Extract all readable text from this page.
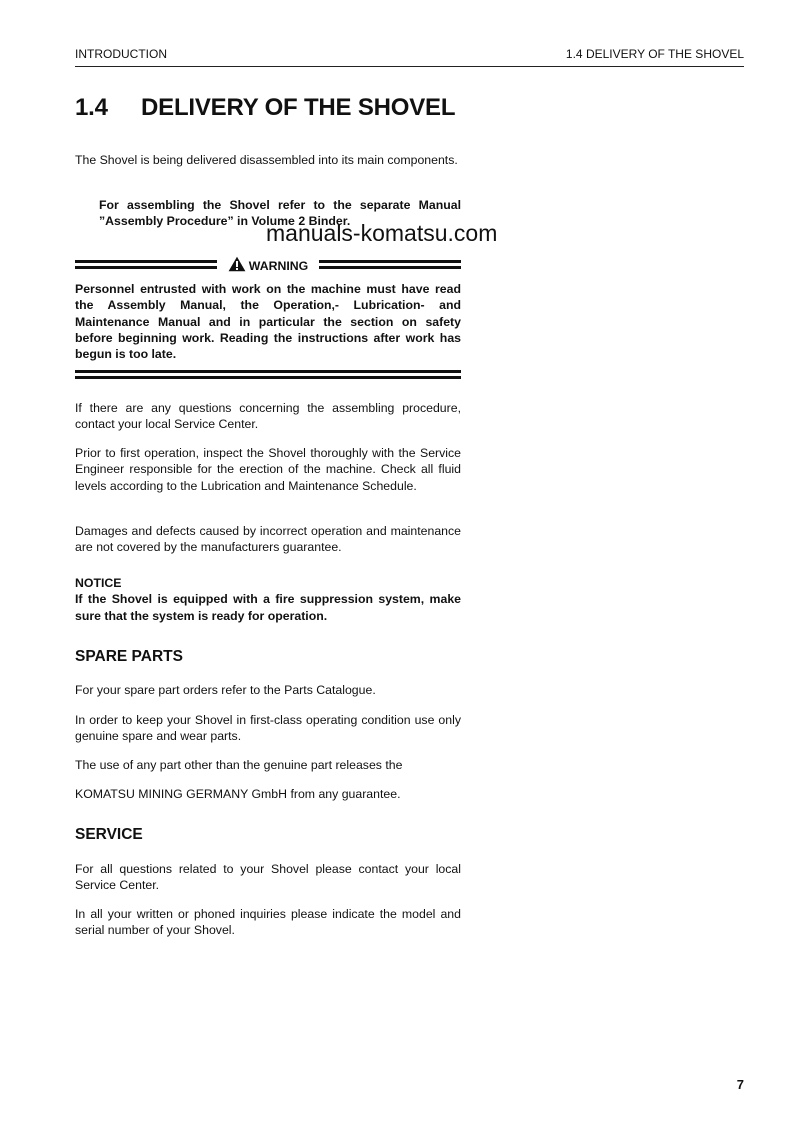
INTRODUCTION	1.4 DELIVERY OF THE SHOVEL
1.4 DELIVERY OF THE SHOVEL

The Shovel is being delivered disassembled into its main components.

For assembling the Shovel refer to the separate Manual ”Assembly Procedure” in Volume 2 Binder.

manuals-komatsu.com
WARNING

Personnel entrusted with work on the machine must have read the Assembly Manual, the Operation,- Lubrication- and Maintenance Manual and in particular the section on safety before beginning work. Reading the instructions after work has begun is too late.

If there are any questions concerning the assembling procedure, contact your local Service Center.

Prior to first operation, inspect the Shovel thoroughly with the Service Engineer responsible for the erection of the machine. Check all fluid levels according to the Lubrication and Maintenance Schedule.

Damages and defects caused by incorrect operation and maintenance are not covered by the manufacturers guarantee.

NOTICE

If the Shovel is equipped with a fire suppression system, make sure that the system is ready for operation.

SPARE PARTS

For your spare part orders refer to the Parts Catalogue.

In order to keep your Shovel in first-class operating condition use only genuine spare and wear parts.

The use of any part other than the genuine part releases the

KOMATSU MINING GERMANY GmbH from any guarantee.

SERVICE

For all questions related to your Shovel please contact your local Service Center.

In all your written or phoned inquiries please indicate the model and serial number of your Shovel.

7
